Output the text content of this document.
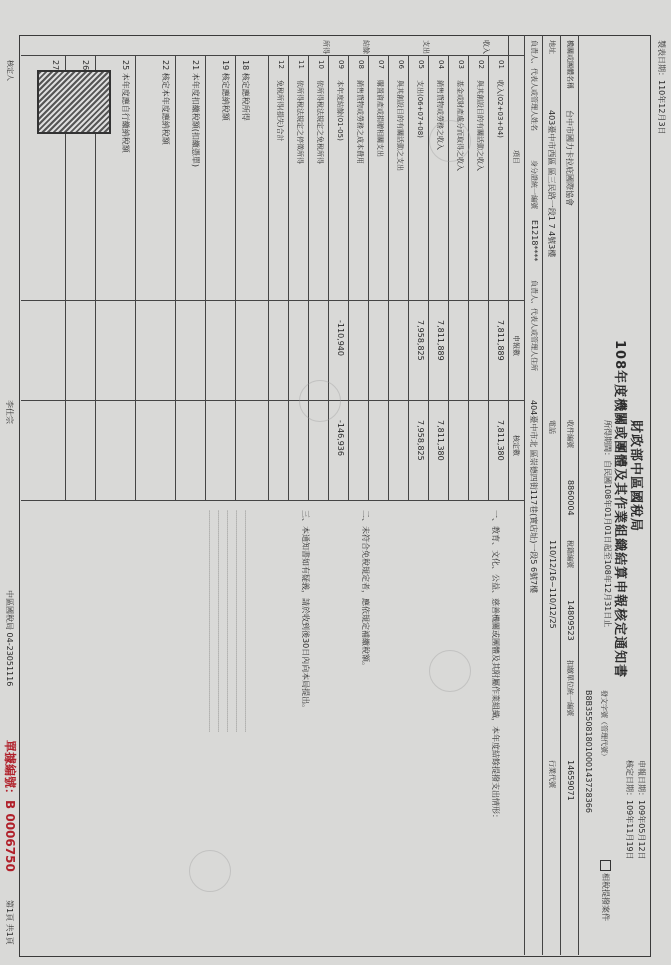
製表日期：110年12月3日
財政部中區國稅局
108年度機關或團體及其作業組織結算申報核定通知書
所得期間：自民國108年01月01日起至108年12月31日止
申報日期：109年05月12日
核定日期：109年11月19日
相稅提撥案件
發文字號（管理代號）
B8B355081801000143728366
機關或團體名稱
台中市國力卡拉庇國際協會
收件編號
8860004
稅籍編號
14809523
扣繳單位統一編號
14659071
地址
403臺中市西區 區三民路一段1 7 4號3樓
電話
110/12/16~110/12/25
行業代號
負責人、代表人或管理人姓名
身分證統一編號
E1218****
負責人、代表人或管理人住所
404臺中市北 區崇德四街117巷(實店址)一段5 6號7樓
項目
申報數
核定數
收入
支出
結餘
所得
01
收入(02+03+04)
7,811,889
7,811,380
02
與其創設目的有關活動之收入
03
基金或財產處分而取得之收入
04
銷售貨物或勞務之收入
7,811,889
7,811,380
05
支出(06+07+08)
7,958,825
7,958,825
06
與其創設目的有關活動之支出
07
購置資產或捐贈相關支出
08
銷售貨物或勞務之成本費用
09
本年度結餘(01-05)
-110,940
-146,936
10
依所得稅法規定之免稅所得
11
依所得稅法規定之停徵所得
12
免稅所得(損失)合計
18 核定應稅所得
19 核定應納稅額
21 本年度扣繳稅額(扣繳憑單)
22 核定本年度應納稅額
25 本年度應自行繳納稅額
一、教育、文化、公益、慈善機關或團體及其附屬作業組織，本年度結餘提撥支出情形：
二、未符合免稅規定者，應依規定補繳稅額。
三、本通知書如有疑義，請於收到後30日內向本局提出。
…………………………………………………………………………………………………
…………………………………………………………………………………………………
…………………………………………………………………………………………………
…………………………………………………………………………………………………
…………………………………………………………………………………………………
核定人
李仕宗
中區國稅局 04-23051116
第1頁 共1頁
單據編號：B 0006750
